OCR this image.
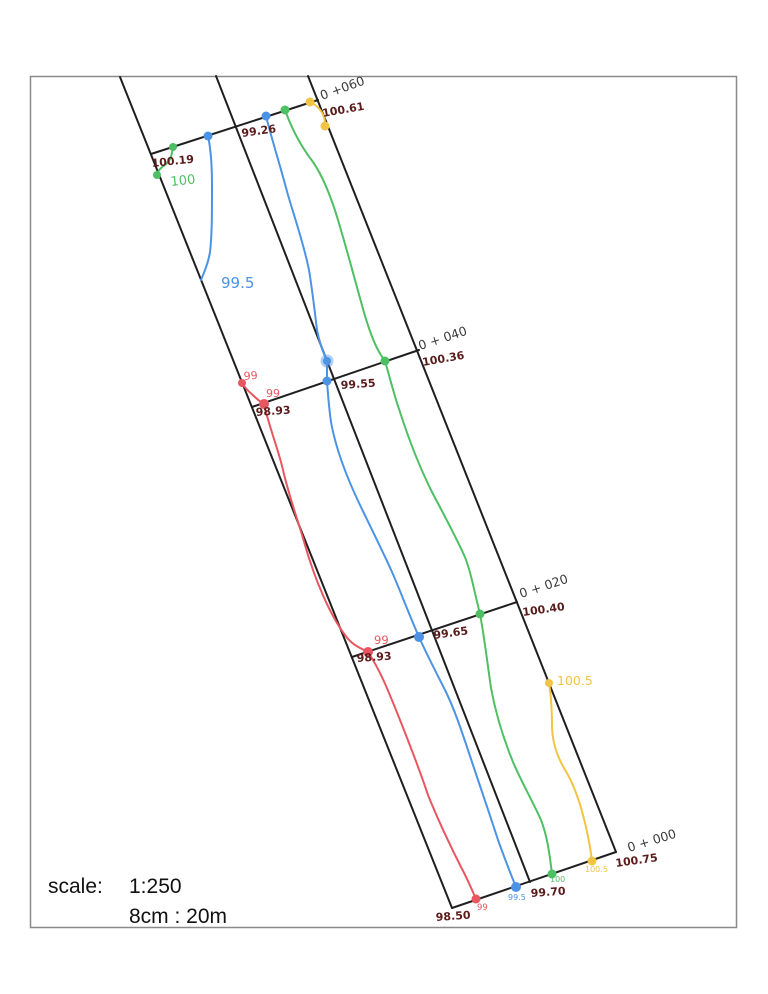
0 +060
0 + 040
0 + 020
0 + 000
100.61
100.19
99.26
100.36
98.93
99.55
100.40
98.93
99.65
100.75
98.50
99.70
99
99
99
99
99.5
99.5
100
100
100.5
100.5
scale:	1:250
8cm : 20m
